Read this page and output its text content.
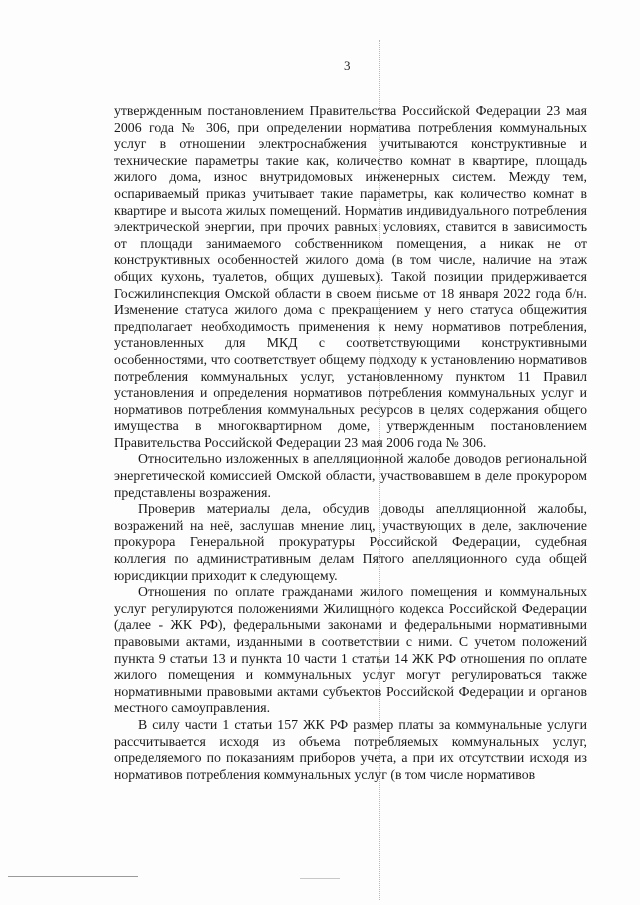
3

утвержденным постановлением Правительства Российской Федерации 23 мая 2006 года № 306, при определении норматива потребления коммунальных услуг в отношении электроснабжения учитываются конструктивные и технические параметры такие как, количество комнат в квартире, площадь жилого дома, износ внутридомовых инженерных систем. Между тем, оспариваемый приказ учитывает такие параметры, как количество комнат в квартире и высота жилых помещений. Норматив индивидуального потребления электрической энергии, при прочих равных условиях, ставится в зависимость от площади занимаемого собственником помещения, а никак не от конструктивных особенностей жилого дома (в том числе, наличие на этаж общих кухонь, туалетов, общих душевых). Такой позиции придерживается Госжилинспекция Омской области в своем письме от 18 января 2022 года б/н. Изменение статуса жилого дома с прекращением у него статуса общежития предполагает необходимость применения к нему нормативов потребления, установленных для МКД с соответствующими конструктивными особенностями, что соответствует общему подходу к установлению нормативов потребления коммунальных услуг, установленному пунктом 11 Правил установления и определения нормативов потребления коммунальных услуг и нормативов потребления коммунальных ресурсов в целях содержания общего имущества в многоквартирном доме, утвержденным постановлением Правительства Российской Федерации 23 мая 2006 года № 306.

Относительно изложенных в апелляционной жалобе доводов региональной энергетической комиссией Омской области, участвовавшем в деле прокурором представлены возражения.

Проверив материалы дела, обсудив доводы апелляционной жалобы, возражений на неё, заслушав мнение лиц, участвующих в деле, заключение прокурора Генеральной прокуратуры Российской Федерации, судебная коллегия по административным делам Пятого апелляционного суда общей юрисдикции приходит к следующему.

Отношения по оплате гражданами жилого помещения и коммунальных услуг регулируются положениями Жилищного кодекса Российской Федерации (далее - ЖК РФ), федеральными законами и федеральными нормативными правовыми актами, изданными в соответствии с ними. С учетом положений пункта 9 статьи 13 и пункта 10 части 1 статьи 14 ЖК РФ отношения по оплате жилого помещения и коммунальных услуг могут регулироваться также нормативными правовыми актами субъектов Российской Федерации и органов местного самоуправления.

В силу части 1 статьи 157 ЖК РФ размер платы за коммунальные услуги рассчитывается исходя из объема потребляемых коммунальных услуг, определяемого по показаниям приборов учета, а при их отсутствии исходя из нормативов потребления коммунальных услуг (в том числе нормативов
